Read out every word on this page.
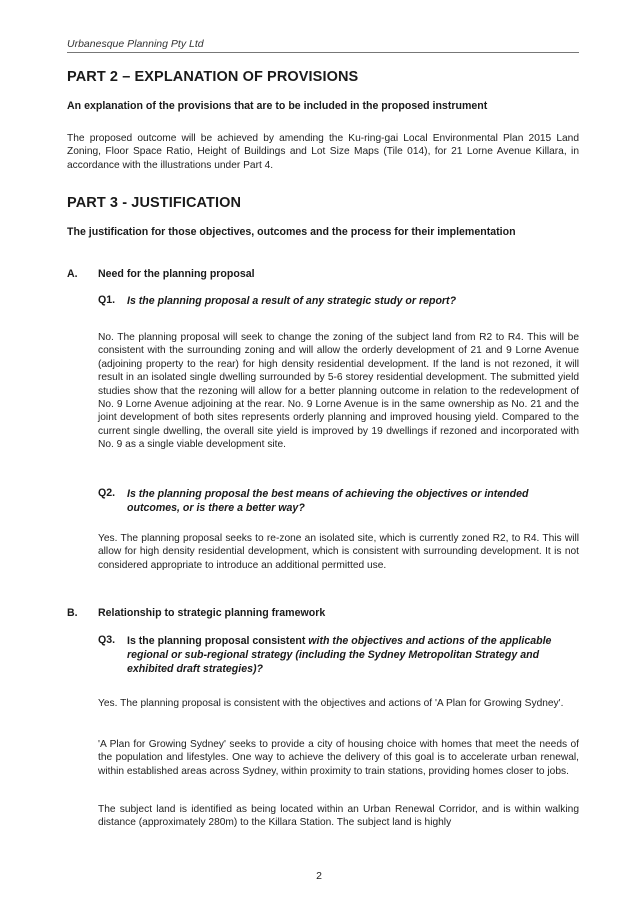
Urbanesque Planning Pty Ltd
PART 2 – EXPLANATION OF PROVISIONS
An explanation of the provisions that are to be included in the proposed instrument
The proposed outcome will be achieved by amending the Ku-ring-gai Local Environmental Plan 2015 Land Zoning, Floor Space Ratio, Height of Buildings and Lot Size Maps (Tile 014), for 21 Lorne Avenue Killara, in accordance with the illustrations under Part 4.
PART 3 - JUSTIFICATION
The justification for those objectives, outcomes and the process for their implementation
A. Need for the planning proposal
Q1. Is the planning proposal a result of any strategic study or report?
No. The planning proposal will seek to change the zoning of the subject land from R2 to R4. This will be consistent with the surrounding zoning and will allow the orderly development of 21 and 9 Lorne Avenue (adjoining property to the rear) for high density residential development. If the land is not rezoned, it will result in an isolated single dwelling surrounded by 5-6 storey residential development. The submitted yield studies show that the rezoning will allow for a better planning outcome in relation to the redevelopment of No. 9 Lorne Avenue adjoining at the rear. No. 9 Lorne Avenue is in the same ownership as No. 21 and the joint development of both sites represents orderly planning and improved housing yield. Compared to the current single dwelling, the overall site yield is improved by 19 dwellings if rezoned and incorporated with No. 9 as a single viable development site.
Q2. Is the planning proposal the best means of achieving the objectives or intended outcomes, or is there a better way?
Yes. The planning proposal seeks to re-zone an isolated site, which is currently zoned R2, to R4. This will allow for high density residential development, which is consistent with surrounding development. It is not considered appropriate to introduce an additional permitted use.
B. Relationship to strategic planning framework
Q3. Is the planning proposal consistent with the objectives and actions of the applicable regional or sub-regional strategy (including the Sydney Metropolitan Strategy and exhibited draft strategies)?
Yes. The planning proposal is consistent with the objectives and actions of 'A Plan for Growing Sydney'.
'A Plan for Growing Sydney' seeks to provide a city of housing choice with homes that meet the needs of the population and lifestyles. One way to achieve the delivery of this goal is to accelerate urban renewal, within established areas across Sydney, within proximity to train stations, providing homes closer to jobs.
The subject land is identified as being located within an Urban Renewal Corridor, and is within walking distance (approximately 280m) to the Killara Station. The subject land is highly
2
